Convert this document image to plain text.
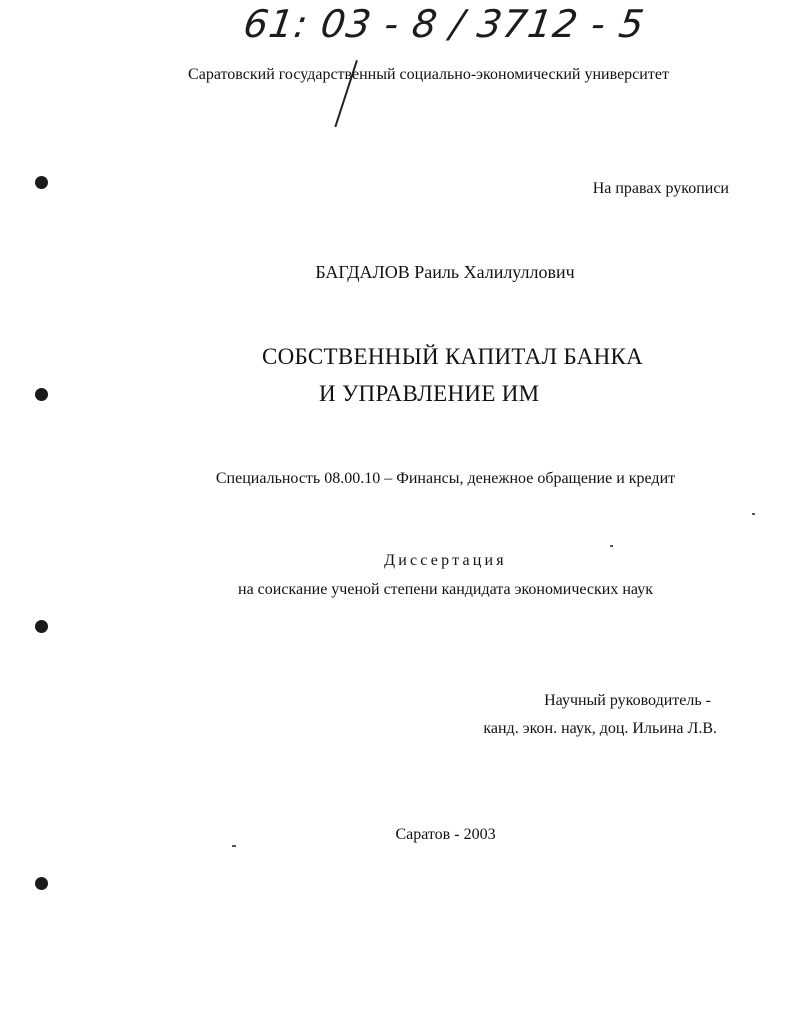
61: 03 - 8 / 3712 - 5
Саратовский государственный социально-экономический университет
На правах рукописи
БАГДАЛОВ Раиль Халилуллович
СОБСТВЕННЫЙ КАПИТАЛ БАНКА
И УПРАВЛЕНИЕ ИМ
Специальность 08.00.10 – Финансы, денежное обращение и кредит
Диссертация
на соискание ученой степени кандидата экономических наук
Научный руководитель -
канд. экон. наук, доц. Ильина Л.В.
Саратов - 2003
